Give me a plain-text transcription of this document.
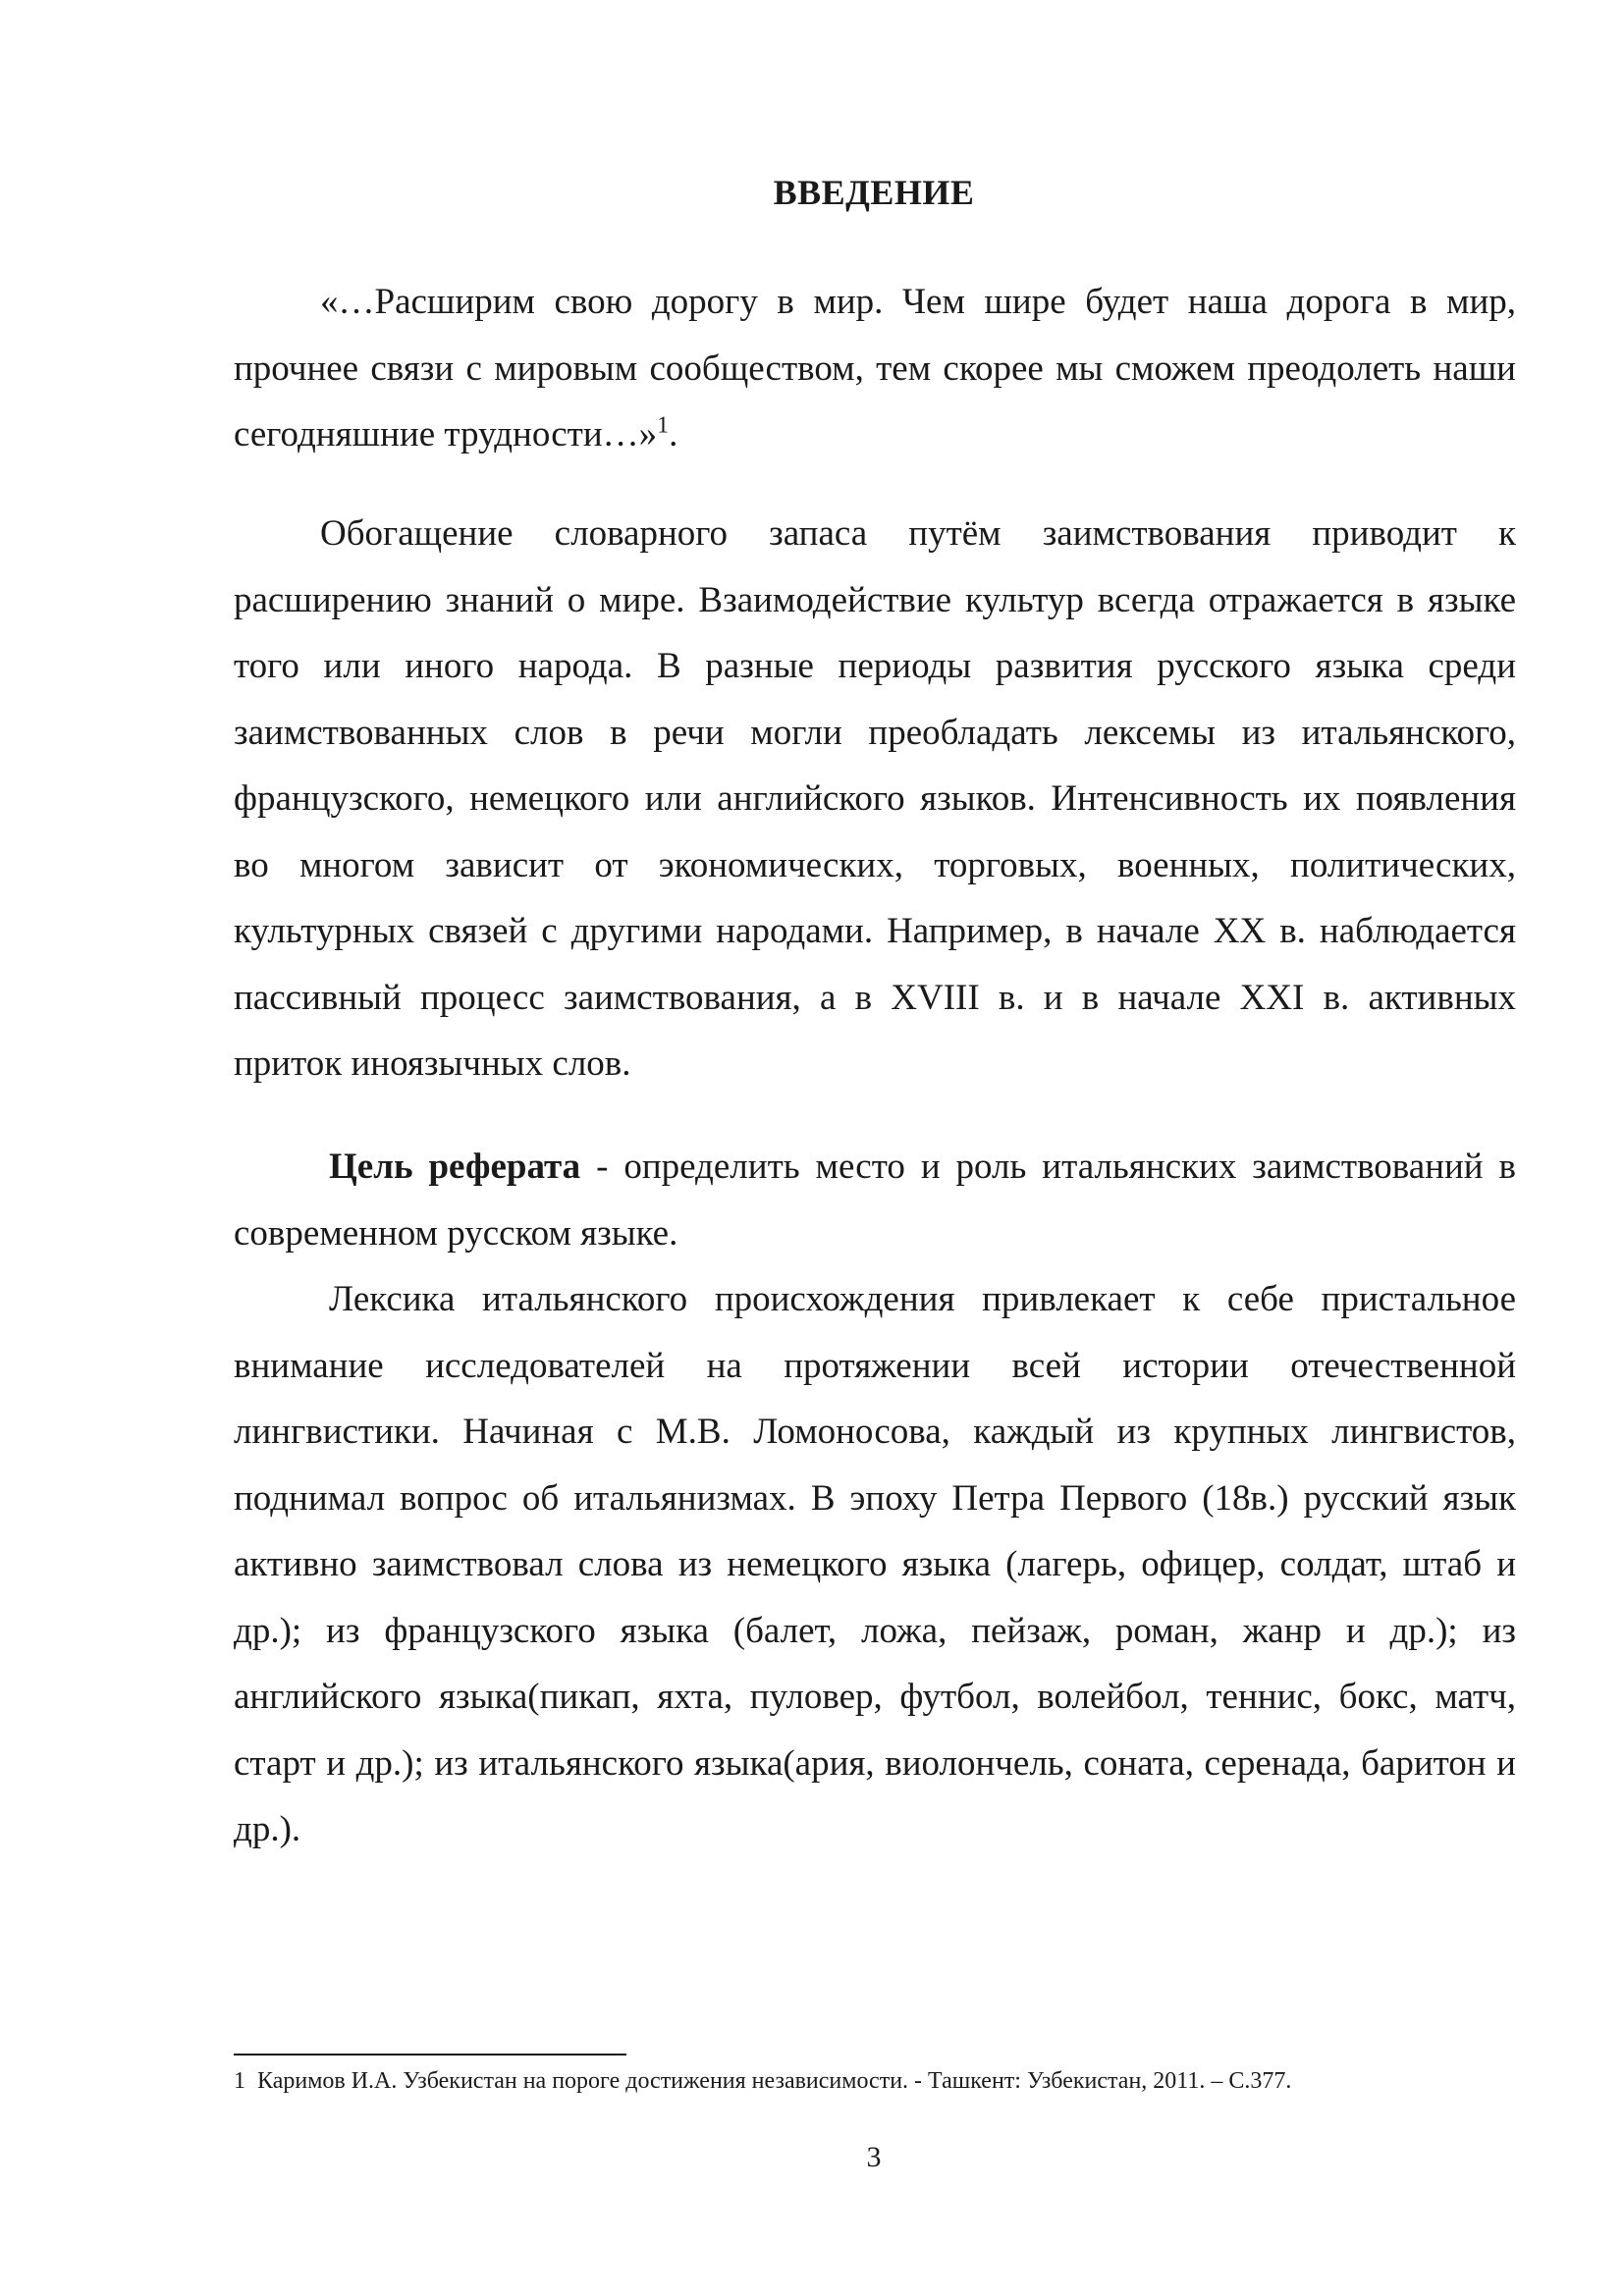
ВВЕДЕНИЕ

«…Расширим свою дорогу в мир. Чем шире будет наша дорога в мир, прочнее связи с мировым сообществом, тем скорее мы сможем преодолеть наши сегодняшние трудности…»$^1$.

Обогащение словарного запаса путём заимствования приводит к расширению знаний о мире. Взаимодействие культур всегда отражается в языке того или иного народа. В разные периоды развития русского языка среди заимствованных слов в речи могли преобладать лексемы из итальянского, французского, немецкого или английского языков. Интенсивность их появления во многом зависит от экономических, торговых, военных, политических, культурных связей с другими народами. Например, в начале XX в. наблюдается пассивный процесс заимствования, а в XVIII в. и в начале XXI в. активных приток иноязычных слов.

Цель реферата - определить место и роль итальянских заимствований в современном русском языке.

Лексика итальянского происхождения привлекает к себе пристальное внимание исследователей на протяжении всей истории отечественной лингвистики. Начиная с М.В. Ломоносова, каждый из крупных лингвистов, поднимал вопрос об итальянизмах. В эпоху Петра Первого (18в.) русский язык активно заимствовал слова из немецкого языка (лагерь, офицер, солдат, штаб и др.); из французского языка (балет, ложа, пейзаж, роман, жанр и др.); из английского языка(пикап, яхта, пуловер, футбол, волейбол, теннис, бокс, матч, старт и др.); из итальянского языка(ария, виолончель, соната, серенада, баритон и др.).

1 Каримов И.А. Узбекистан на пороге достижения независимости. - Ташкент: Узбекистан, 2011. – С.377.
3
